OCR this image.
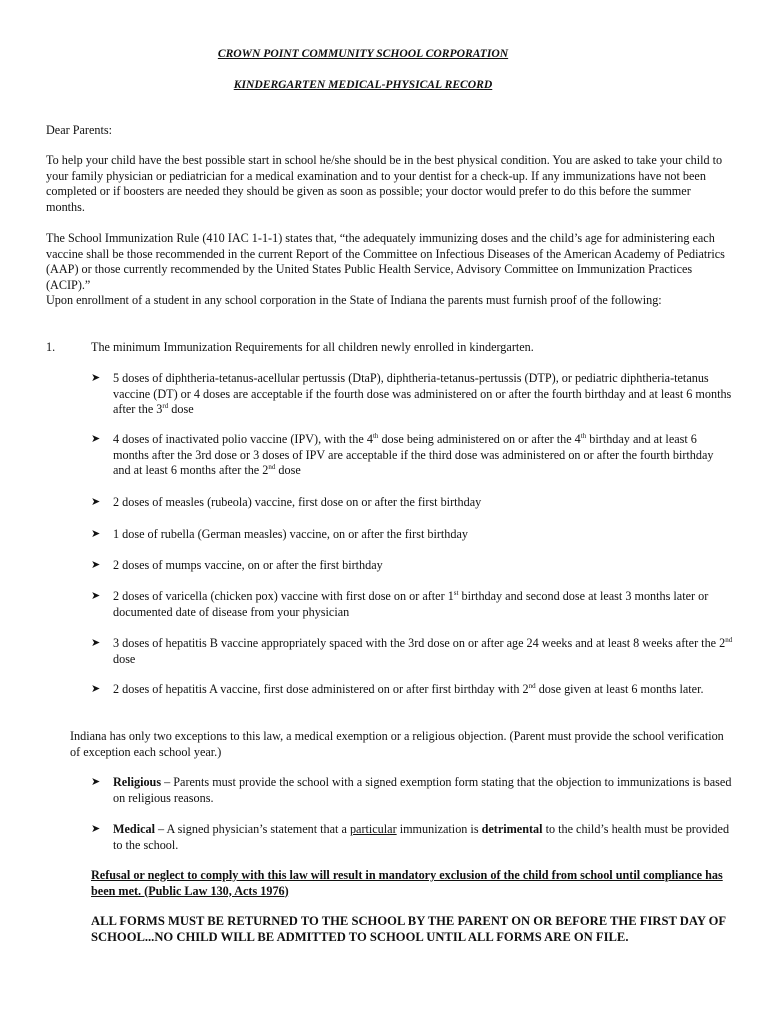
CROWN POINT COMMUNITY SCHOOL CORPORATION
KINDERGARTEN MEDICAL-PHYSICAL RECORD

Dear Parents:

To help your child have the best possible start in school he/she should be in the best physical condition. You are asked to take your child to your family physician or pediatrician for a medical examination and to your dentist for a check-up. If any immunizations have not been completed or if boosters are needed they should be given as soon as possible; your doctor would prefer to do this before the summer months.

The School Immunization Rule (410 IAC 1-1-1) states that, “the adequately immunizing doses and the child’s age for administering each vaccine shall be those recommended in the current Report of the Committee on Infectious Diseases of the American Academy of Pediatrics (AAP) or those currently recommended by the United States Public Health Service, Advisory Committee on Immunization Practices (ACIP).”

Upon enrollment of a student in any school corporation in the State of Indiana the parents must furnish proof of the following:

1.	The minimum Immunization Requirements for all children newly enrolled in kindergarten.
➤ 5 doses of diphtheria-tetanus-acellular pertussis (DtaP), diphtheria-tetanus-pertussis (DTP), or pediatric diphtheria-tetanus vaccine (DT) or 4 doses are acceptable if the fourth dose was administered on or after the fourth birthday and at least 6 months after the 3rd dose
➤ 4 doses of inactivated polio vaccine (IPV), with the 4th dose being administered on or after the 4th birthday and at least 6 months after the 3rd dose or 3 doses of IPV are acceptable if the third dose was administered on or after the fourth birthday and at least 6 months after the 2nd dose
➤ 2 doses of measles (rubeola) vaccine, first dose on or after the first birthday
➤ 1 dose of rubella (German measles) vaccine, on or after the first birthday
➤ 2 doses of mumps vaccine, on or after the first birthday
➤ 2 doses of varicella (chicken pox) vaccine with first dose on or after 1st birthday and second dose at least 3 months later or documented date of disease from your physician
➤ 3 doses of hepatitis B vaccine appropriately spaced with the 3rd dose on or after age 24 weeks and at least 8 weeks after the 2nd dose
➤ 2 doses of hepatitis A vaccine, first dose administered on or after first birthday with 2nd dose given at least 6 months later.

Indiana has only two exceptions to this law, a medical exemption or a religious objection. (Parent must provide the school verification of exception each school year.)

➤ Religious – Parents must provide the school with a signed exemption form stating that the objection to immunizations is based on religious reasons.
➤ Medical – A signed physician’s statement that a particular immunization is detrimental to the child’s health must be provided to the school.

Refusal or neglect to comply with this law will result in mandatory exclusion of the child from school until compliance has been met. (Public Law 130, Acts 1976)

ALL FORMS MUST BE RETURNED TO THE SCHOOL BY THE PARENT ON OR BEFORE THE FIRST DAY OF SCHOOL...NO CHILD WILL BE ADMITTED TO SCHOOL UNTIL ALL FORMS ARE ON FILE.
